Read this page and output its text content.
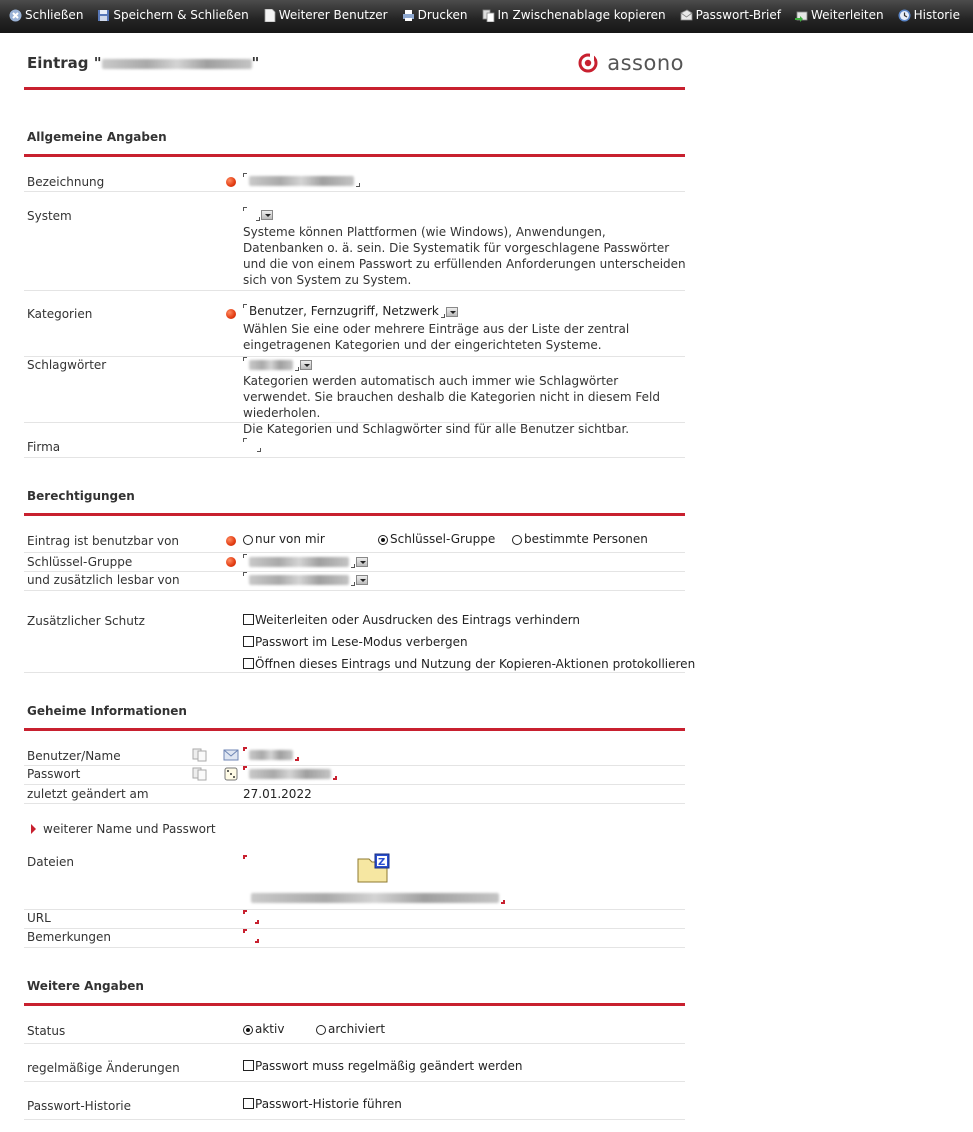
Schließen	Speichern & Schließen	Weiterer Benutzer	Drucken	In Zwischenablage kopieren	Passwort-Brief	Weiterleiten	Historie
Eintrag "	"	assono
Allgemeine Angaben
Bezeichnung
System
Systeme können Plattformen (wie Windows), Anwendungen, Datenbanken o. ä. sein. Die Systematik für vorgeschlagene Passwörter und die von einem Passwort zu erfüllenden Anforderungen unterscheiden sich von System zu System.
Kategorien	Benutzer, Fernzugriff, Netzwerk
Wählen Sie eine oder mehrere Einträge aus der Liste der zentral eingetragenen Kategorien und der eingerichteten Systeme.
Schlagwörter
Kategorien werden automatisch auch immer wie Schlagwörter verwendet. Sie brauchen deshalb die Kategorien nicht in diesem Feld wiederholen.
Die Kategorien und Schlagwörter sind für alle Benutzer sichtbar.
Firma
Berechtigungen
Eintrag ist benutzbar von	nur von mir	Schlüssel-Gruppe	bestimmte Personen
Schlüssel-Gruppe
und zusätzlich lesbar von
Zusätzlicher Schutz	Weiterleiten oder Ausdrucken des Eintrags verhindern
Passwort im Lese-Modus verbergen
Öffnen dieses Eintrags und Nutzung der Kopieren-Aktionen protokollieren
Geheime Informationen
Benutzer/Name
Passwort
zuletzt geändert am	27.01.2022
weiterer Name und Passwort
Dateien	Z
URL
Bemerkungen
Weitere Angaben
Status	aktiv	archiviert
regelmäßige Änderungen	Passwort muss regelmäßig geändert werden
Passwort-Historie	Passwort-Historie führen
